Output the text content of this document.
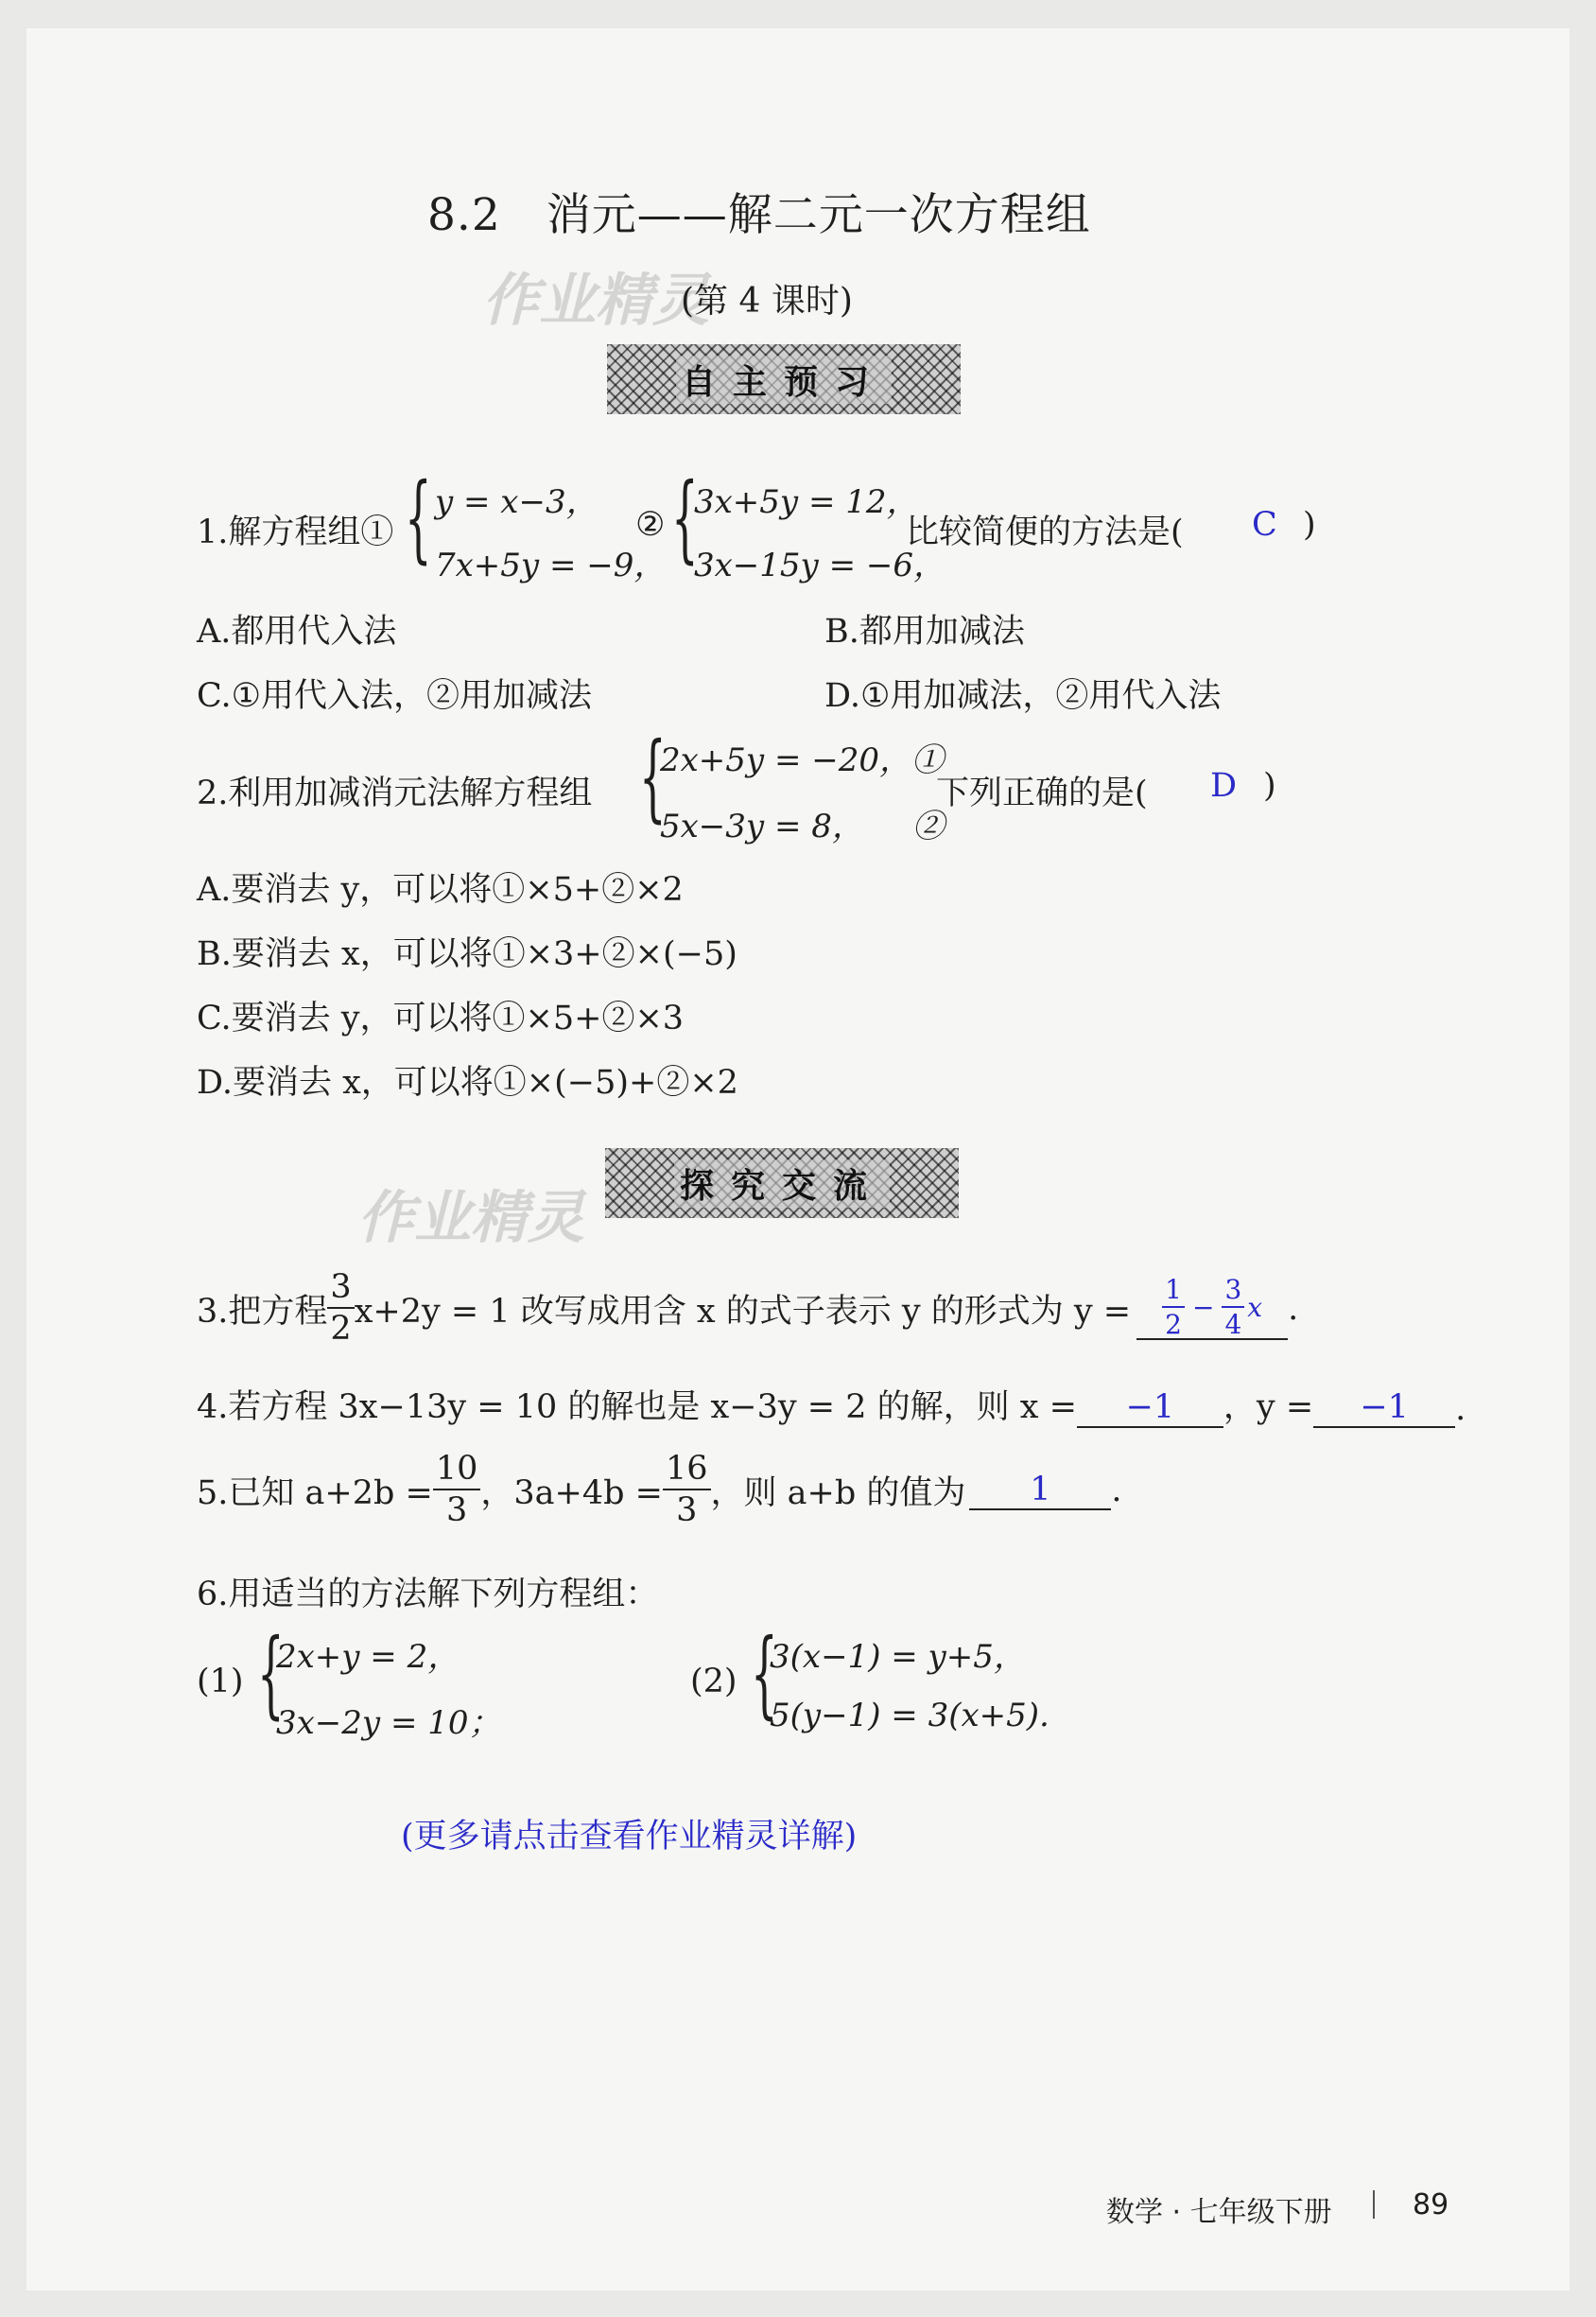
8.2　消元——解二元一次方程组
作业精灵
(第 4 课时)
自主预习
1.解方程组① { y = x−3，
7x+5y = −9，
② {
3x+5y = 12，
3x−15y = −6，
比较简便的方法是( C )
A.都用代入法	B.都用加减法
C.①用代入法，②用加减法	D.①用加减法，②用代入法
2.利用加减消元法解方程组 {
2x+5y = −20，①
5x−3y = 8，　　②
下列正确的是( D )
A.要消去 y，可以将①×5+②×2
B.要消去 x，可以将①×3+②×(−5)
C.要消去 y，可以将①×5+②×3
D.要消去 x，可以将①×(−5)+②×2
作业精灵	探究交流
3.把方程 $\frac{3}{2} x+2y = 1$ 改写成用含 x 的式子表示 y 的形式为 $y = \frac{1}{2} - \frac{3}{4}$ x .
4.若方程 3x−13y = 10 的解也是 x−3y = 2 的解，则 x =	−1	，y =	−1	.
5.已知 $a+2b = \frac{10}{3}$ ，$3a+4b = \frac{16}{3}$ ，则 a+b 的值为	1	.
6.用适当的方法解下列方程组：
(1) {
2x+y = 2，
3x−2y = 10；
(2) {
3(x−1) = y+5，
5(y−1) = 3(x+5).
(更多请点击查看作业精灵详解)
数学 · 七年级下册	89
